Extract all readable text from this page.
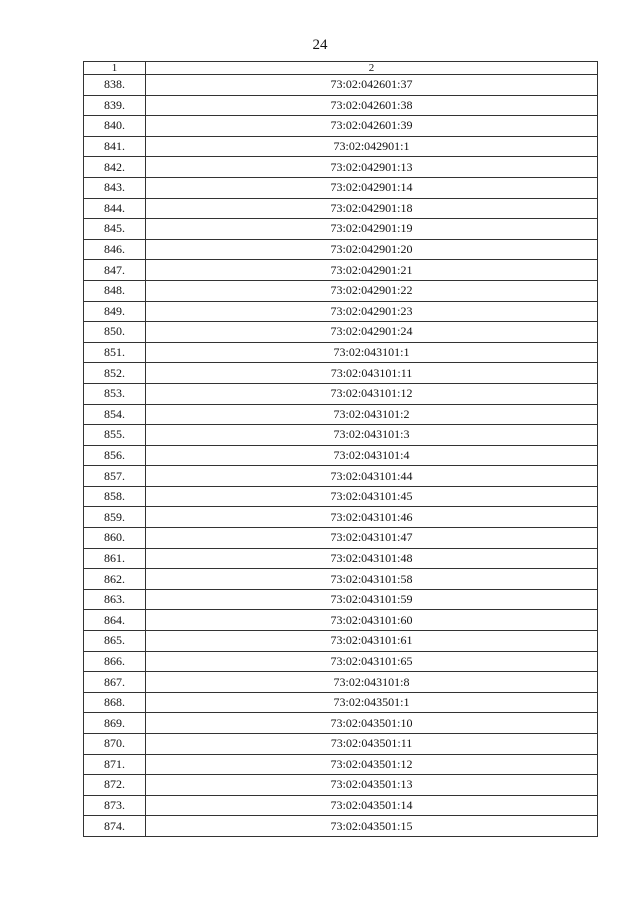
24
1	2
838.	73:02:042601:37
839.	73:02:042601:38
840.	73:02:042601:39
841.	73:02:042901:1
842.	73:02:042901:13
843.	73:02:042901:14
844.	73:02:042901:18
845.	73:02:042901:19
846.	73:02:042901:20
847.	73:02:042901:21
848.	73:02:042901:22
849.	73:02:042901:23
850.	73:02:042901:24
851.	73:02:043101:1
852.	73:02:043101:11
853.	73:02:043101:12
854.	73:02:043101:2
855.	73:02:043101:3
856.	73:02:043101:4
857.	73:02:043101:44
858.	73:02:043101:45
859.	73:02:043101:46
860.	73:02:043101:47
861.	73:02:043101:48
862.	73:02:043101:58
863.	73:02:043101:59
864.	73:02:043101:60
865.	73:02:043101:61
866.	73:02:043101:65
867.	73:02:043101:8
868.	73:02:043501:1
869.	73:02:043501:10
870.	73:02:043501:11
871.	73:02:043501:12
872.	73:02:043501:13
873.	73:02:043501:14
874.	73:02:043501:15
